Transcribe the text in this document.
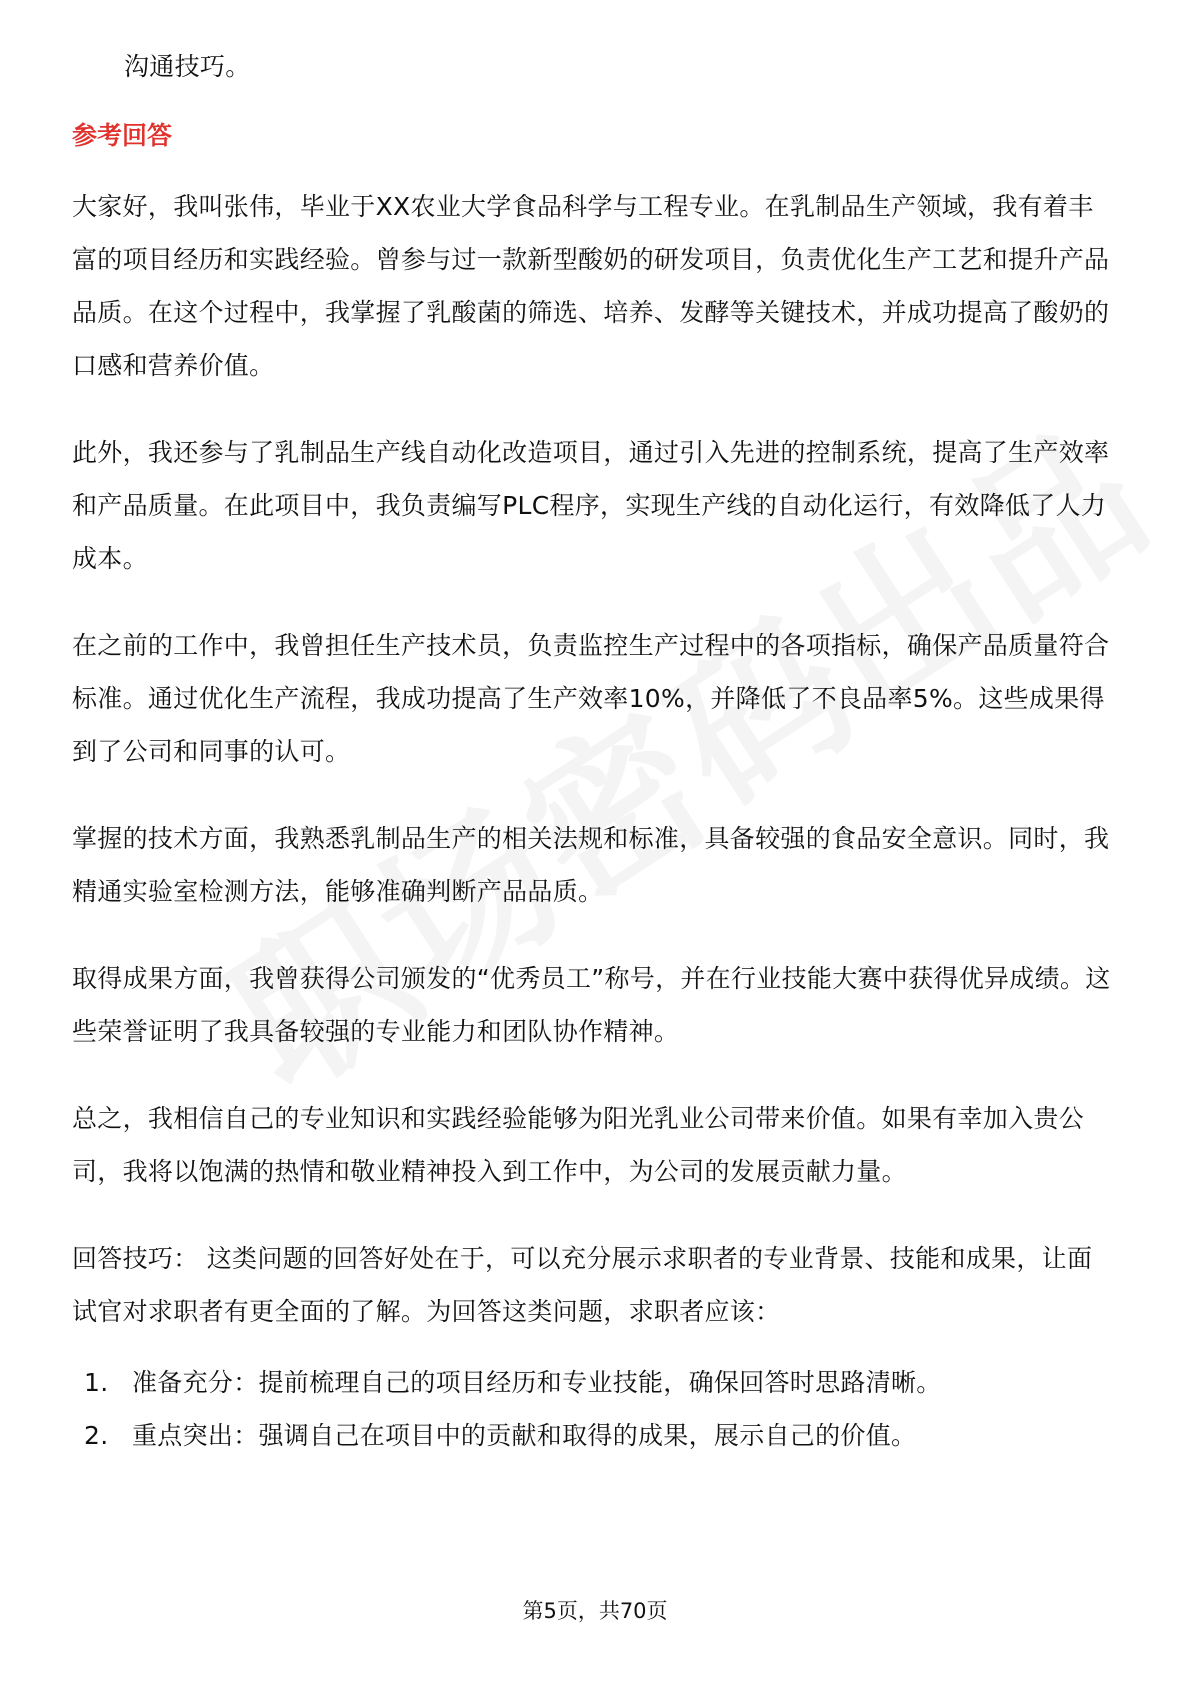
沟通技巧。

参考回答

大家好，我叫张伟，毕业于XX农业大学食品科学与工程专业。在乳制品生产领域，我有着丰富的项目经历和实践经验。曾参与过一款新型酸奶的研发项目，负责优化生产工艺和提升产品品质。在这个过程中，我掌握了乳酸菌的筛选、培养、发酵等关键技术，并成功提高了酸奶的口感和营养价值。

此外，我还参与了乳制品生产线自动化改造项目，通过引入先进的控制系统，提高了生产效率和产品质量。在此项目中，我负责编写PLC程序，实现生产线的自动化运行，有效降低了人力成本。

在之前的工作中，我曾担任生产技术员，负责监控生产过程中的各项指标，确保产品质量符合标准。通过优化生产流程，我成功提高了生产效率10%，并降低了不良品率5%。这些成果得到了公司和同事的认可。

掌握的技术方面，我熟悉乳制品生产的相关法规和标准，具备较强的食品安全意识。同时，我精通实验室检测方法，能够准确判断产品品质。

取得成果方面，我曾获得公司颁发的“优秀员工”称号，并在行业技能大赛中获得优异成绩。这些荣誉证明了我具备较强的专业能力和团队协作精神。

总之，我相信自己的专业知识和实践经验能够为阳光乳业公司带来价值。如果有幸加入贵公司，我将以饱满的热情和敬业精神投入到工作中，为公司的发展贡献力量。

回答技巧： 这类问题的回答好处在于，可以充分展示求职者的专业背景、技能和成果，让面试官对求职者有更全面的了解。为回答这类问题，求职者应该：

1. 准备充分：提前梳理自己的项目经历和专业技能，确保回答时思路清晰。
2. 重点突出：强调自己在项目中的贡献和取得的成果，展示自己的价值。
第5页，共70页
